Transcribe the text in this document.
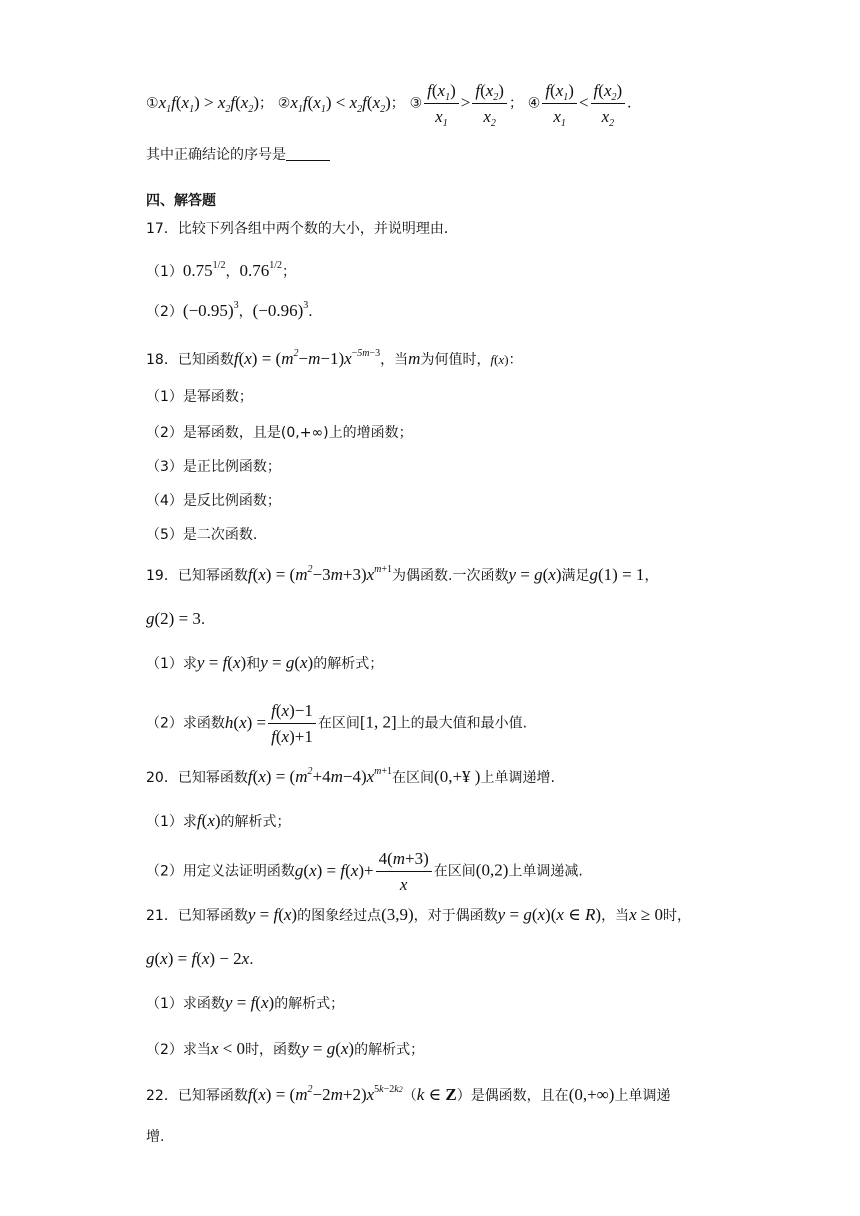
$①x_1f(x_1) > x_2f(x_2)$； $②x_1f(x_1) < x_2f(x_2)$； ③ $\frac{f(x_1)}{x_1} > \frac{f(x_2)}{x_2}$ ； ④ $\frac{f(x_1)}{x_1} < \frac{f(x_2)}{x_2}$ ．
其中正确结论的序号是
四、解答题
17．比较下列各组中两个数的大小，并说明理由．
$(1)0.75^{1/2}$，$0.76^{1/2}$；
$(2)(-0.95)^3$，$(-0.96)^3$．
18．已知函数$f(x) = (m^2-m-1)x^{-5m-3}$，当m为何值时，f(x)：
（1）是幂函数；
（2）是幂函数，且是(0,+∞)上的增函数；
（3）是正比例函数；
（4）是反比例函数；
（5）是二次函数.
19．已知幂函数$f(x) = (m^2-3m+3)x^{m+1}$为偶函数.一次函数y = g(x)满足g(1) = 1，
g(2) = 3．
（1）求y = f(x)和y = g(x)的解析式；
（2）求函数$h(x) = \frac{f(x)-1}{f(x)+1}$ 在区间[1, 2]上的最大值和最小值.
20．已知幂函数$f(x) = (m^2+4m-4)x^{m+1}$在区间(0,+¥ )上单调递增.
（1）求f(x)的解析式；
（2）用定义法证明函数$g(x) = f(x)+ \frac{4(m+3)}{x}$ 在区间(0,2)上单调递减.
21．已知幂函数y = f(x)的图象经过点(3,9)，对于偶函数y = g(x)(x ∈ R)，当x ≥ 0时，
g(x) = f(x) − 2x．
（1）求函数y = f(x)的解析式；
（2）求当x < 0时，函数y = g(x)的解析式；
22．已知幂函数$f(x) = (m^2-2m+2)x^{5k-2k2}(k$ ∈ Z）是偶函数，且在(0,+∞)上单调递
增.
